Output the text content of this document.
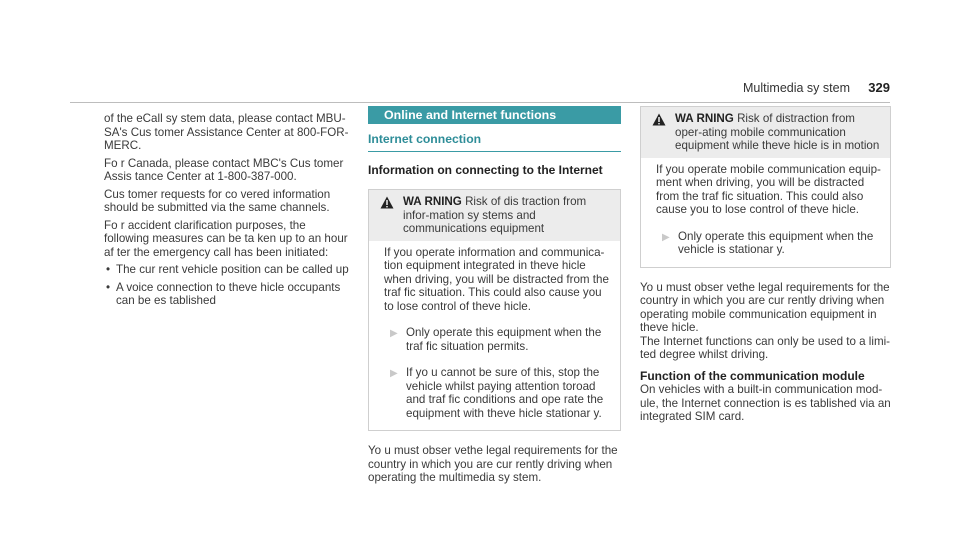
Multimedia sy stem 329

of the eCall sy stem data, please contact MBU-SA's Cus tomer Assistance Center at 800-FOR-MERC.

Fo r Canada, please contact MBC's Cus tomer Assis tance Center at 1-800-387-000.

Cus tomer requests for co vered information should be submitted via the same channels.

Fo r accident clarification purposes, the following measures can be ta ken up to an hour af ter the emergency call has been initiated:

• The cur rent vehicle position can be called up

• A voice connection to theve hicle occupants can be es tablished

Online and Internet functions

Internet connection

Information on connecting to the Internet

WA RNING Risk of dis traction from infor-mation sy stems and communications equipment

If you operate information and communica-tion equipment integrated in theve hicle when driving, you will be distracted from the traf fic situation. This could also cause you to lose control of theve hicle.

▶ Only operate this equipment when the traf fic situation permits.

▶ If yo u cannot be sure of this, stop the vehicle whilst paying attention toroad and traf fic conditions and ope rate the equipment with theve hicle stationar y.

Yo u must obser vethe legal requirements for the country in which you are cur rently driving when operating the multimedia sy stem.

WA RNING Risk of distraction from oper-ating mobile communication equipment while theve hicle is in motion

If you operate mobile communication equip-ment when driving, you will be distracted from the traf fic situation. This could also cause you to lose control of theve hicle.

▶ Only operate this equipment when the vehicle is stationar y.

Yo u must obser vethe legal requirements for the country in which you are cur rently driving when operating mobile communication equipment in theve hicle.

The Internet functions can only be used to a limi-ted degree whilst driving.

Function of the communication module

On vehicles with a built-in communication mod-ule, the Internet connection is es tablished via an integrated SIM card.
